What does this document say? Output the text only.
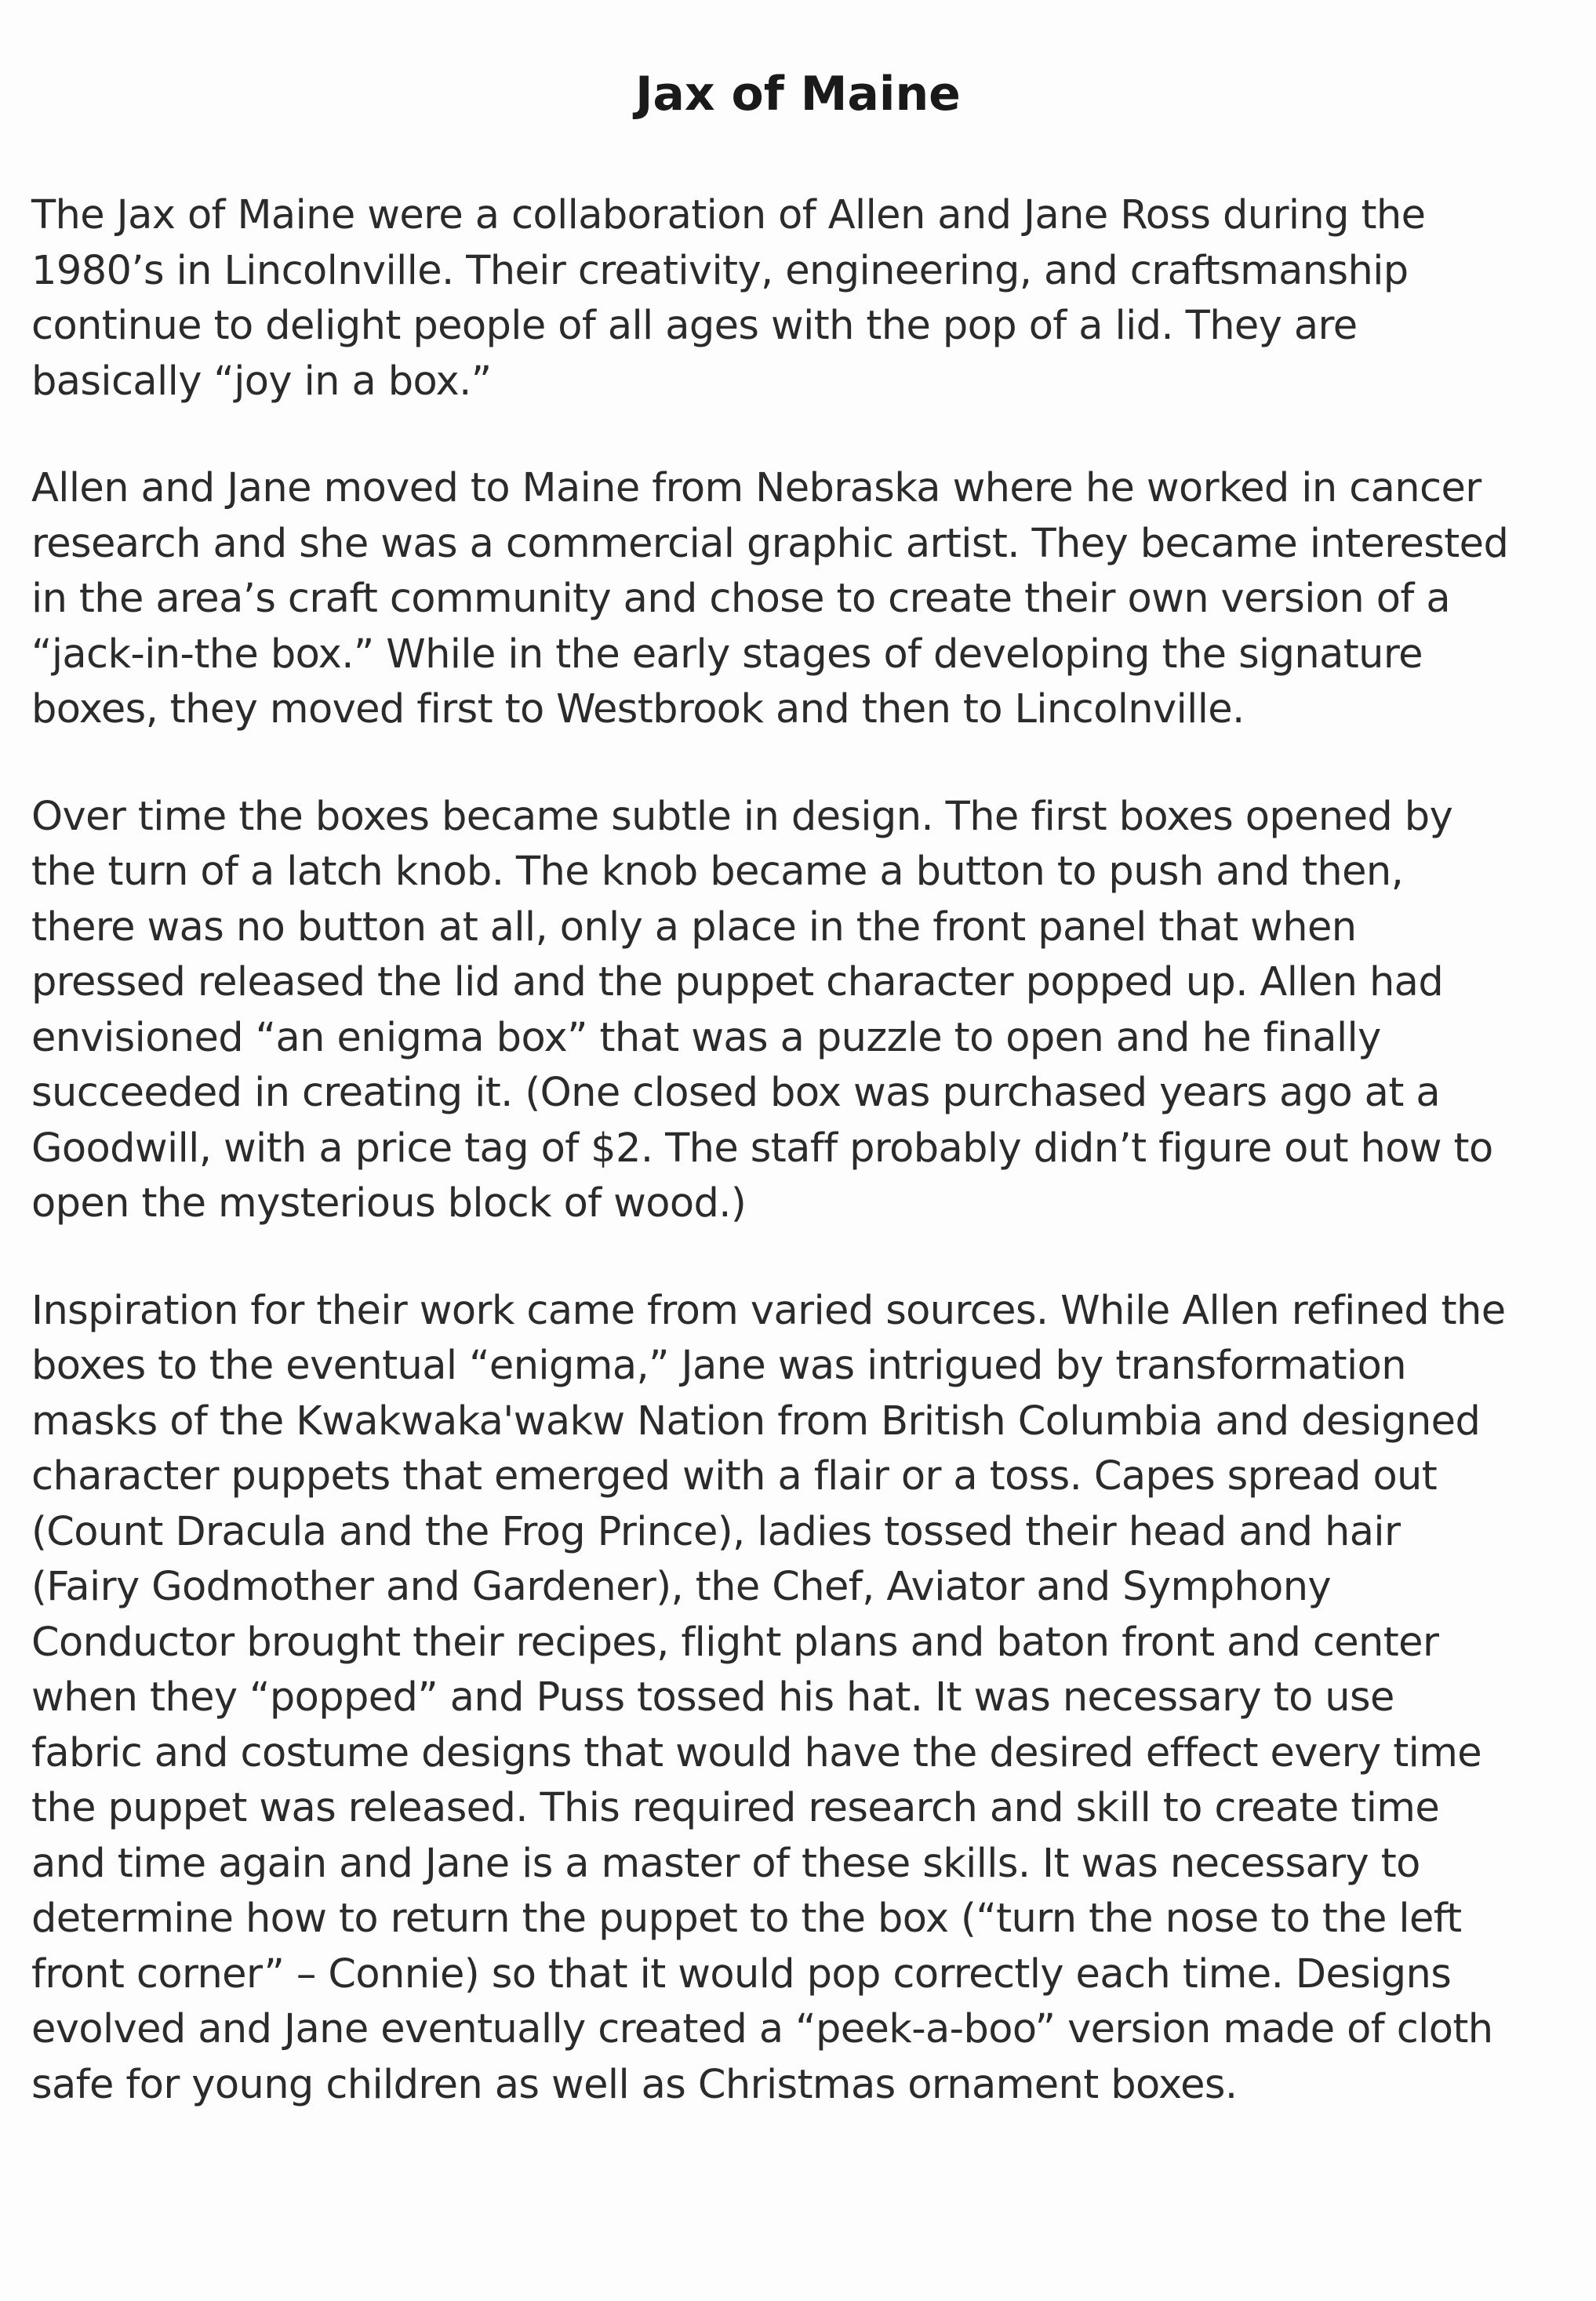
Jax of Maine

The Jax of Maine were a collaboration of Allen and Jane Ross during the
1980’s in Lincolnville. Their creativity, engineering, and craftsmanship
continue to delight people of all ages with the pop of a lid. They are
basically “joy in a box.”

Allen and Jane moved to Maine from Nebraska where he worked in cancer
research and she was a commercial graphic artist. They became interested
in the area’s craft community and chose to create their own version of a
“jack-in-the box.” While in the early stages of developing the signature
boxes, they moved first to Westbrook and then to Lincolnville.

Over time the boxes became subtle in design. The first boxes opened by
the turn of a latch knob. The knob became a button to push and then,
there was no button at all, only a place in the front panel that when
pressed released the lid and the puppet character popped up. Allen had
envisioned “an enigma box” that was a puzzle to open and he finally
succeeded in creating it. (One closed box was purchased years ago at a
Goodwill, with a price tag of $2. The staff probably didn’t figure out how to
open the mysterious block of wood.)

Inspiration for their work came from varied sources. While Allen refined the
boxes to the eventual “enigma,” Jane was intrigued by transformation
masks of the Kwakwaka'wakw Nation from British Columbia and designed
character puppets that emerged with a flair or a toss. Capes spread out
(Count Dracula and the Frog Prince), ladies tossed their head and hair
(Fairy Godmother and Gardener), the Chef, Aviator and Symphony
Conductor brought their recipes, flight plans and baton front and center
when they “popped” and Puss tossed his hat. It was necessary to use
fabric and costume designs that would have the desired effect every time
the puppet was released. This required research and skill to create time
and time again and Jane is a master of these skills. It was necessary to
determine how to return the puppet to the box (“turn the nose to the left
front corner” – Connie) so that it would pop correctly each time. Designs
evolved and Jane eventually created a “peek-a-boo” version made of cloth
safe for young children as well as Christmas ornament boxes.
